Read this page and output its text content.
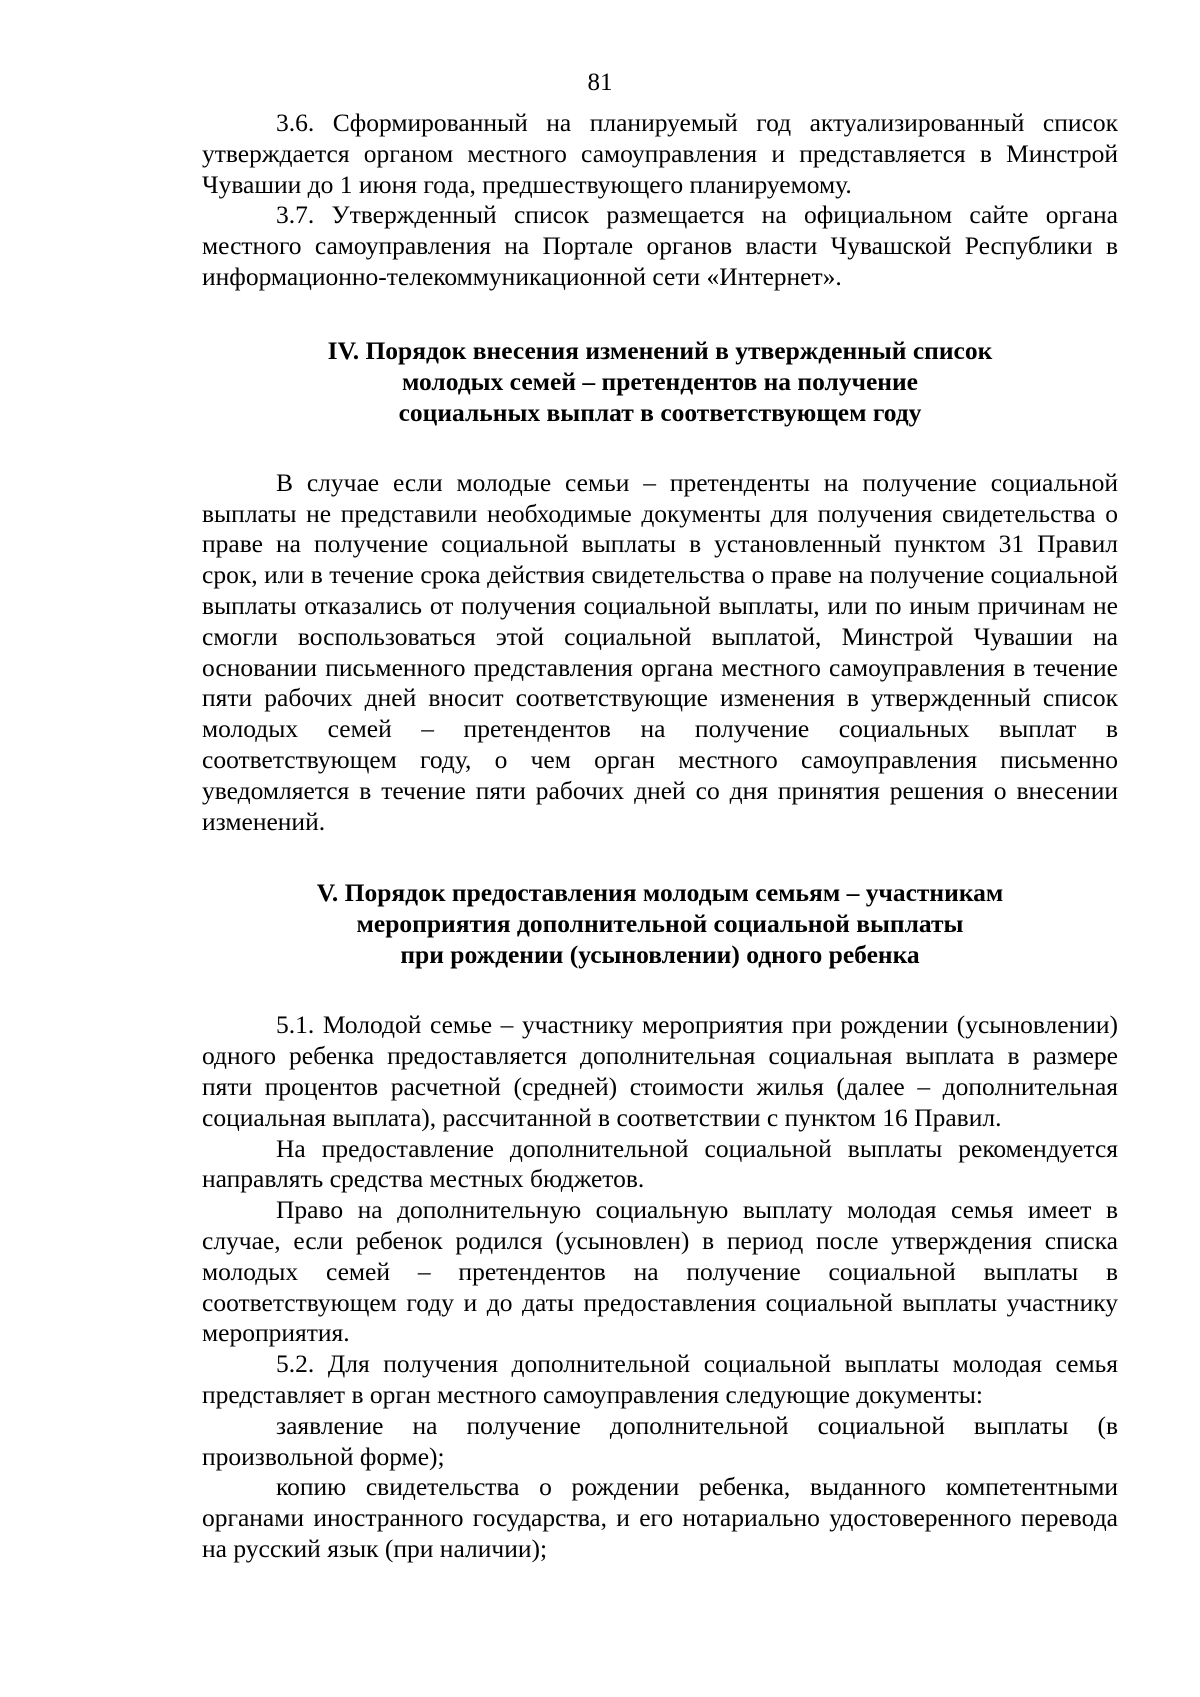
81

3.6. Сформированный на планируемый год актуализированный список утверждается органом местного самоуправления и представляется в Минстрой Чувашии до 1 июня года, предшествующего планируемому.

3.7. Утвержденный список размещается на официальном сайте органа местного самоуправления на Портале органов власти Чувашской Республики в информационно-телекоммуникационной сети «Интернет».

IV. Порядок внесения изменений в утвержденный список
молодых семей – претендентов на получение
социальных выплат в соответствующем году

В случае если молодые семьи – претенденты на получение социальной выплаты не представили необходимые документы для получения свидетельства о праве на получение социальной выплаты в установленный пунктом 31 Правил срок, или в течение срока действия свидетельства о праве на получение социальной выплаты отказались от получения социальной выплаты, или по иным причинам не смогли воспользоваться этой социальной выплатой, Минстрой Чувашии на основании письменного представления органа местного самоуправления в течение пяти рабочих дней вносит соответствующие изменения в утвержденный список молодых семей – претендентов на получение социальных выплат в соответствующем году, о чем орган местного самоуправления письменно уведомляется в течение пяти рабочих дней со дня принятия решения о внесении изменений.

V. Порядок предоставления молодым семьям – участникам
мероприятия дополнительной социальной выплаты
при рождении (усыновлении) одного ребенка

5.1. Молодой семье – участнику мероприятия при рождении (усыновлении) одного ребенка предоставляется дополнительная социальная выплата в размере пяти процентов расчетной (средней) стоимости жилья (далее – дополнительная социальная выплата), рассчитанной в соответствии с пунктом 16 Правил.

На предоставление дополнительной социальной выплаты рекомендуется направлять средства местных бюджетов.

Право на дополнительную социальную выплату молодая семья имеет в случае, если ребенок родился (усыновлен) в период после утверждения списка молодых семей – претендентов на получение социальной выплаты в соответствующем году и до даты предоставления социальной выплаты участнику мероприятия.

5.2. Для получения дополнительной социальной выплаты молодая семья представляет в орган местного самоуправления следующие документы:

заявление на получение дополнительной социальной выплаты (в произвольной форме);

копию свидетельства о рождении ребенка, выданного компетентными органами иностранного государства, и его нотариально удостоверенного перевода на русский язык (при наличии);
